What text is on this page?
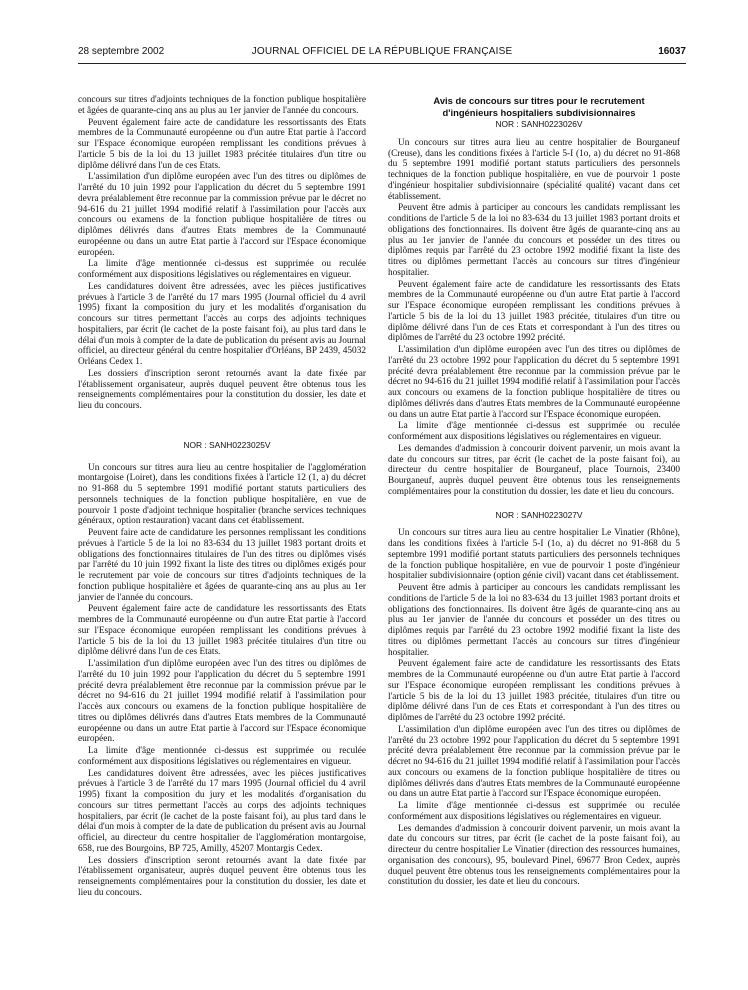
28 septembre 2002	JOURNAL OFFICIEL DE LA RÉPUBLIQUE FRANÇAISE	16037

concours sur titres d'adjoints techniques de la fonction publique hospitalière et âgées de quarante-cinq ans au plus au 1er janvier de l'année du concours.

Peuvent également faire acte de candidature les ressortissants des Etats membres de la Communauté européenne ou d'un autre Etat partie à l'accord sur l'Espace économique européen remplissant les conditions prévues à l'article 5 bis de la loi du 13 juillet 1983 précitée titulaires d'un titre ou diplôme délivré dans l'un de ces Etats.

L'assimilation d'un diplôme européen avec l'un des titres ou diplômes de l'arrêté du 10 juin 1992 pour l'application du décret du 5 septembre 1991 devra préalablement être reconnue par la commission prévue par le décret no 94-616 du 21 juillet 1994 modifié relatif à l'assimilation pour l'accès aux concours ou examens de la fonction publique hospitalière de titres ou diplômes délivrés dans d'autres Etats membres de la Communauté européenne ou dans un autre Etat partie à l'accord sur l'Espace économique européen.

La limite d'âge mentionnée ci-dessus est supprimée ou reculée conformément aux dispositions législatives ou réglementaires en vigueur.

Les candidatures doivent être adressées, avec les pièces justificatives prévues à l'article 3 de l'arrêté du 17 mars 1995 (Journal officiel du 4 avril 1995) fixant la composition du jury et les modalités d'organisation du concours sur titres permettant l'accès au corps des adjoints techniques hospitaliers, par écrit (le cachet de la poste faisant foi), au plus tard dans le délai d'un mois à compter de la date de publication du présent avis au Journal officiel, au directeur général du centre hospitalier d'Orléans, BP 2439, 45032 Orléans Cedex 1.

Les dossiers d'inscription seront retournés avant la date fixée par l'établissement organisateur, auprès duquel peuvent être obtenus tous les renseignements complémentaires pour la constitution du dossier, les date et lieu du concours.

NOR : SANH0223025V

Un concours sur titres aura lieu au centre hospitalier de l'agglomération montargoise (Loiret), dans les conditions fixées à l'article 12 (1, a) du décret no 91-868 du 5 septembre 1991 modifié portant statuts particuliers des personnels techniques de la fonction publique hospitalière, en vue de pourvoir 1 poste d'adjoint technique hospitalier (branche services techniques généraux, option restauration) vacant dans cet établissement.

Peuvent faire acte de candidature les personnes remplissant les conditions prévues à l'article 5 de la loi no 83-634 du 13 juillet 1983 portant droits et obligations des fonctionnaires titulaires de l'un des titres ou diplômes visés par l'arrêté du 10 juin 1992 fixant la liste des titres ou diplômes exigés pour le recrutement par voie de concours sur titres d'adjoints techniques de la fonction publique hospitalière et âgées de quarante-cinq ans au plus au 1er janvier de l'année du concours.

Peuvent également faire acte de candidature les ressortissants des Etats membres de la Communauté européenne ou d'un autre Etat partie à l'accord sur l'Espace économique européen remplissant les conditions prévues à l'article 5 bis de la loi du 13 juillet 1983 précitée titulaires d'un titre ou diplôme délivré dans l'un de ces Etats.

L'assimilation d'un diplôme européen avec l'un des titres ou diplômes de l'arrêté du 10 juin 1992 pour l'application du décret du 5 septembre 1991 précité devra préalablement être reconnue par la commission prévue par le décret no 94-616 du 21 juillet 1994 modifié relatif à l'assimilation pour l'accès aux concours ou examens de la fonction publique hospitalière de titres ou diplômes délivrés dans d'autres Etats membres de la Communauté européenne ou dans un autre Etat partie à l'accord sur l'Espace économique européen.

La limite d'âge mentionnée ci-dessus est supprimée ou reculée conformément aux dispositions législatives ou réglementaires en vigueur.

Les candidatures doivent être adressées, avec les pièces justificatives prévues à l'article 3 de l'arrêté du 17 mars 1995 (Journal officiel du 4 avril 1995) fixant la composition du jury et les modalités d'organisation du concours sur titres permettant l'accès au corps des adjoints techniques hospitaliers, par écrit (le cachet de la poste faisant foi), au plus tard dans le délai d'un mois à compter de la date de publication du présent avis au Journal officiel, au directeur du centre hospitalier de l'agglomération montargoise, 658, rue des Bourgoins, BP 725, Amilly, 45207 Montargis Cedex.

Les dossiers d'inscription seront retournés avant la date fixée par l'établissement organisateur, auprès duquel peuvent être obtenus tous les renseignements complémentaires pour la constitution du dossier, les date et lieu du concours.

Avis de concours sur titres pour le recrutement

d'ingénieurs hospitaliers subdivisionnaires

NOR : SANH0223026V

Un concours sur titres aura lieu au centre hospitalier de Bourganeuf (Creuse), dans les conditions fixées à l'article 5-I (1o, a) du décret no 91-868 du 5 septembre 1991 modifié portant statuts particuliers des personnels techniques de la fonction publique hospitalière, en vue de pourvoir 1 poste d'ingénieur hospitalier subdivisionnaire (spécialité qualité) vacant dans cet établissement.

Peuvent être admis à participer au concours les candidats remplissant les conditions de l'article 5 de la loi no 83-634 du 13 juillet 1983 portant droits et obligations des fonctionnaires. Ils doivent être âgés de quarante-cinq ans au plus au 1er janvier de l'année du concours et posséder un des titres ou diplômes requis par l'arrêté du 23 octobre 1992 modifié fixant la liste des titres ou diplômes permettant l'accès au concours sur titres d'ingénieur hospitalier.

Peuvent également faire acte de candidature les ressortissants des Etats membres de la Communauté européenne ou d'un autre Etat partie à l'accord sur l'Espace économique européen remplissant les conditions prévues à l'article 5 bis de la loi du 13 juillet 1983 précitée, titulaires d'un titre ou diplôme délivré dans l'un de ces Etats et correspondant à l'un des titres ou diplômes de l'arrêté du 23 octobre 1992 précité.

L'assimilation d'un diplôme européen avec l'un des titres ou diplômes de l'arrêté du 23 octobre 1992 pour l'application du décret du 5 septembre 1991 précité devra préalablement être reconnue par la commission prévue par le décret no 94-616 du 21 juillet 1994 modifié relatif à l'assimilation pour l'accès aux concours ou examens de la fonction publique hospitalière de titres ou diplômes délivrés dans d'autres Etats membres de la Communauté européenne ou dans un autre Etat partie à l'accord sur l'Espace économique européen.

La limite d'âge mentionnée ci-dessus est supprimée ou reculée conformément aux dispositions législatives ou réglementaires en vigueur.

Les demandes d'admission à concourir doivent parvenir, un mois avant la date du concours sur titres, par écrit (le cachet de la poste faisant foi), au directeur du centre hospitalier de Bourganeuf, place Tournois, 23400 Bourganeuf, auprès duquel peuvent être obtenus tous les renseignements complémentaires pour la constitution du dossier, les date et lieu du concours.

NOR : SANH0223027V

Un concours sur titres aura lieu au centre hospitalier Le Vinatier (Rhône), dans les conditions fixées à l'article 5-I (1o, a) du décret no 91-868 du 5 septembre 1991 modifié portant statuts particuliers des personnels techniques de la fonction publique hospitalière, en vue de pourvoir 1 poste d'ingénieur hospitalier subdivisionnaire (option génie civil) vacant dans cet établissement.

Peuvent être admis à participer au concours les candidats remplissant les conditions de l'article 5 de la loi no 83-634 du 13 juillet 1983 portant droits et obligations des fonctionnaires. Ils doivent être âgés de quarante-cinq ans au plus au 1er janvier de l'année du concours et posséder un des titres ou diplômes requis par l'arrêté du 23 octobre 1992 modifié fixant la liste des titres ou diplômes permettant l'accès au concours sur titres d'ingénieur hospitalier.

Peuvent également faire acte de candidature les ressortissants des Etats membres de la Communauté européenne ou d'un autre Etat partie à l'accord sur l'Espace économique européen remplissant les conditions prévues à l'article 5 bis de la loi du 13 juillet 1983 précitée, titulaires d'un titre ou diplôme délivré dans l'un de ces Etats et correspondant à l'un des titres ou diplômes de l'arrêté du 23 octobre 1992 précité.

L'assimilation d'un diplôme européen avec l'un des titres ou diplômes de l'arrêté du 23 octobre 1992 pour l'application du décret du 5 septembre 1991 précité devra préalablement être reconnue par la commission prévue par le décret no 94-616 du 21 juillet 1994 modifié relatif à l'assimilation pour l'accès aux concours ou examens de la fonction publique hospitalière de titres ou diplômes délivrés dans d'autres Etats membres de la Communauté européenne ou dans un autre Etat partie à l'accord sur l'Espace économique européen.

La limite d'âge mentionnée ci-dessus est supprimée ou reculée conformément aux dispositions législatives ou réglementaires en vigueur.

Les demandes d'admission à concourir doivent parvenir, un mois avant la date du concours sur titres, par écrit (le cachet de la poste faisant foi), au directeur du centre hospitalier Le Vinatier (direction des ressources humaines, organisation des concours), 95, boulevard Pinel, 69677 Bron Cedex, auprès duquel peuvent être obtenus tous les renseignements complémentaires pour la constitution du dossier, les date et lieu du concours.
